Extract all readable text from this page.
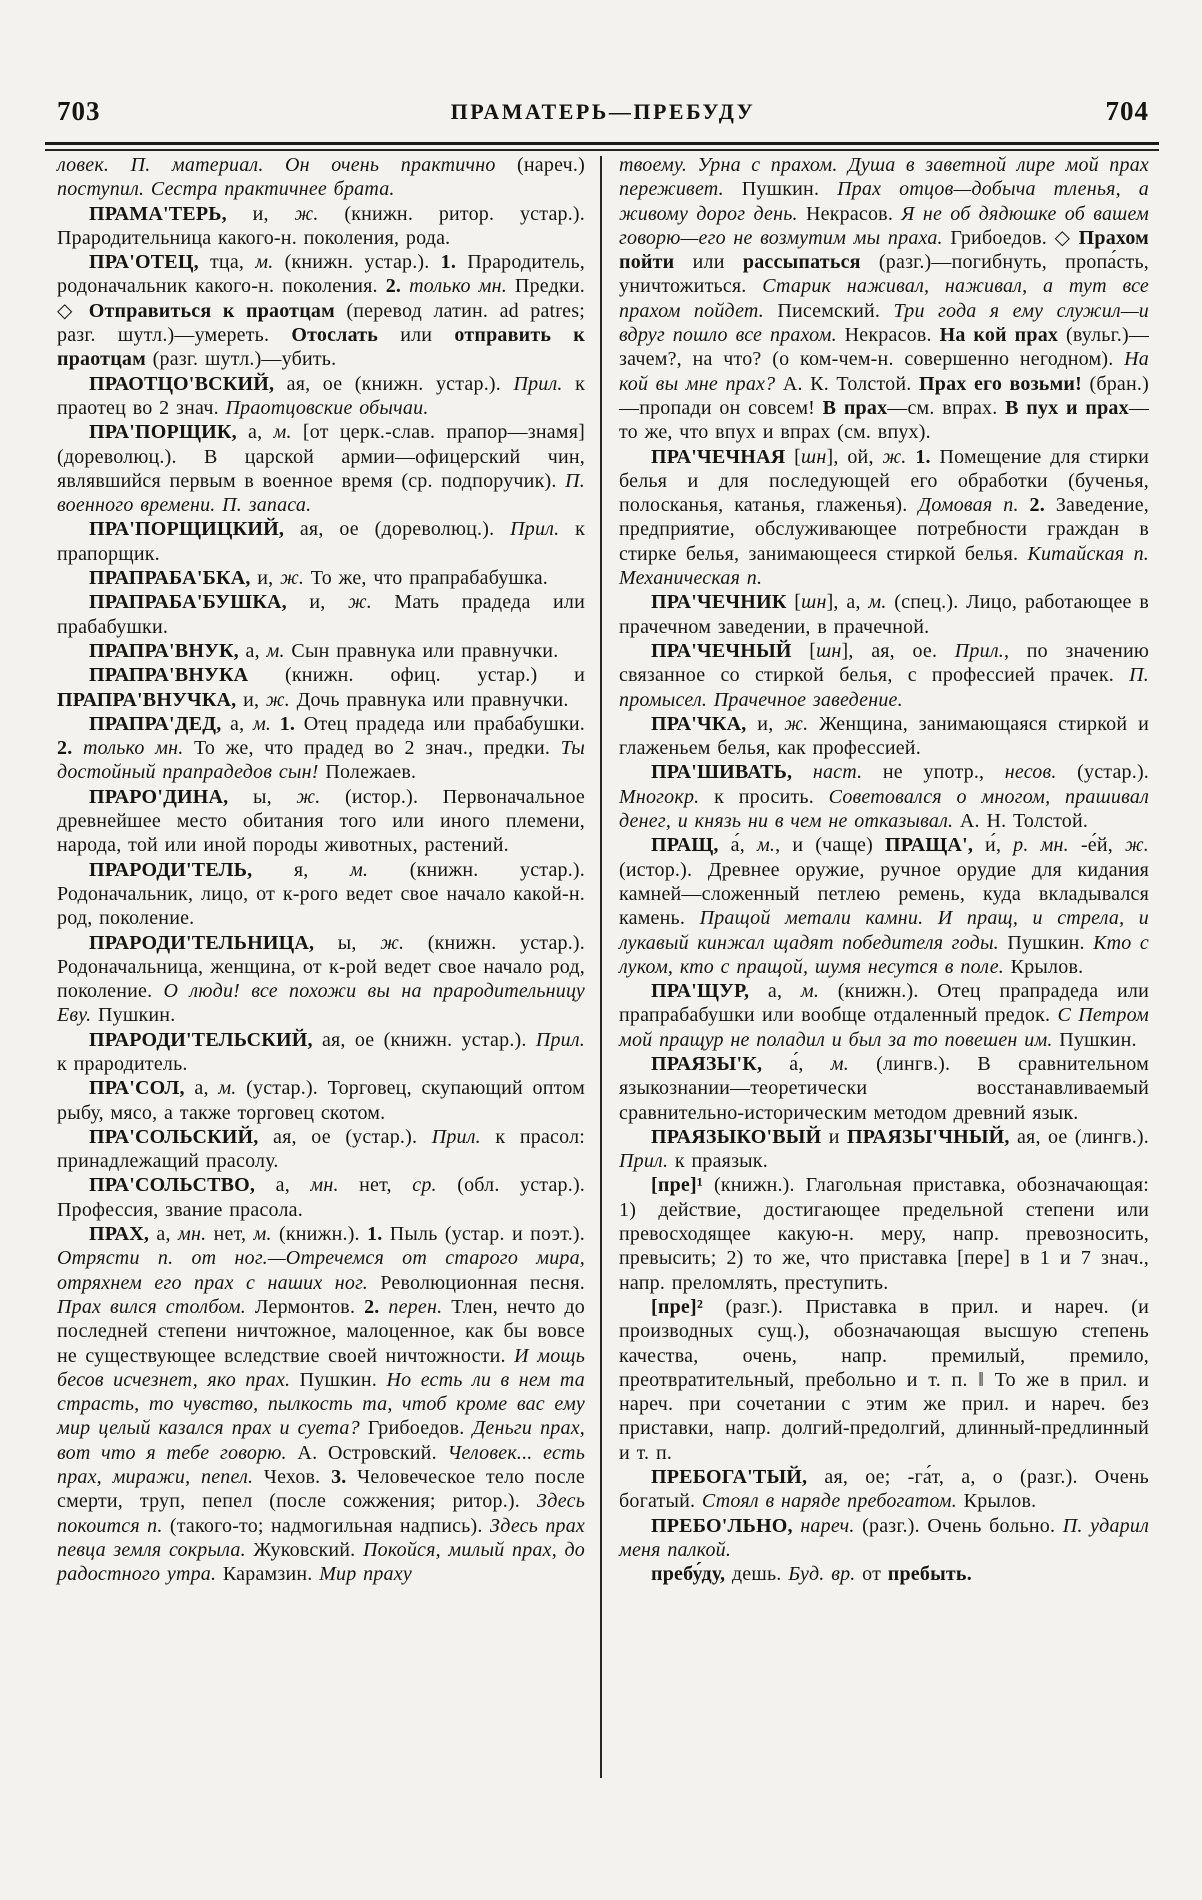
703	ПРАМАТЕРЬ—ПРЕБУДУ	704

ловек. П. материал. Он очень практично (нареч.) поступил. Сестра практичнее брата.

ПРАМА'ТЕРЬ, и, ж. (книжн. ритор. устар.). Прародительница какого-н. поколения, рода.

ПРА'ОТЕЦ, тца, м. (книжн. устар.). 1. Прародитель, родоначальник какого-н. поколения. 2. только мн. Предки. ◇ Отправиться к праотцам (перевод латин. ad patres; разг. шутл.)—умереть. Отослать или отправить к праотцам (разг. шутл.)—убить.

ПРАОТЦО'ВСКИЙ, ая, ое (книжн. устар.). Прил. к праотец во 2 знач. Праотцовские обычаи.

ПРА'ПОРЩИК, а, м. [от церк.-слав. прапор—знамя] (дореволюц.). В царской армии—офицерский чин, являвшийся первым в военное время (ср. подпоручик). П. военного времени. П. запаса.

ПРА'ПОРЩИЦКИЙ, ая, ое (дореволюц.). Прил. к прапорщик.

ПРАПРАБА'БКА, и, ж. То же, что прапрабабушка.

ПРАПРАБА'БУШКА, и, ж. Мать прадеда или прабабушки.

ПРАПРА'ВНУК, а, м. Сын правнука или правнучки.

ПРАПРА'ВНУКА (книжн. офиц. устар.) и ПРАПРА'ВНУЧКА, и, ж. Дочь правнука или правнучки.

ПРАПРА'ДЕД, а, м. 1. Отец прадеда или прабабушки. 2. только мн. То же, что прадед во 2 знач., предки. Ты достойный прапрадедов сын! Полежаев.

ПРАРО'ДИНА, ы, ж. (истор.). Первоначальное древнейшее место обитания того или иного племени, народа, той или иной породы животных, растений.

ПРАРОДИ'ТЕЛЬ, я, м. (книжн. устар.). Родоначальник, лицо, от к-рого ведет свое начало какой-н. род, поколение.

ПРАРОДИ'ТЕЛЬНИЦА, ы, ж. (книжн. устар.). Родоначальница, женщина, от к-рой ведет свое начало род, поколение. О люди! все похожи вы на прародительницу Еву. Пушкин.

ПРАРОДИ'ТЕЛЬСКИЙ, ая, ое (книжн. устар.). Прил. к прародитель.

ПРА'СОЛ, а, м. (устар.). Торговец, скупающий оптом рыбу, мясо, а также торговец скотом.

ПРА'СОЛЬСКИЙ, ая, ое (устар.). Прил. к прасол: принадлежащий прасолу.

ПРА'СОЛЬСТВО, а, мн. нет, ср. (обл. устар.). Профессия, звание прасола.

ПРАХ, а, мн. нет, м. (книжн.). 1. Пыль (устар. и поэт.). Отрясти п. от ног.—Отречемся от старого мира, отряхнем его прах с наших ног. Революционная песня. Прах вился столбом. Лермонтов. 2. перен. Тлен, нечто до последней степени ничтожное, малоценное, как бы вовсе не существующее вследствие своей ничтожности. И мощь бесов исчезнет, яко прах. Пушкин. Но есть ли в нем та страсть, то чувство, пылкость та, чтоб кроме вас ему мир целый казался прах и суета? Грибоедов. Деньги прах, вот что я тебе говорю. А. Островский. Человек... есть прах, миражи, пепел. Чехов. 3. Человеческое тело после смерти, труп, пепел (после сожжения; ритор.). Здесь покоится п. (такого-то; надмогильная надпись). Здесь прах певца земля сокрыла. Жуковский. Покойся, милый прах, до радостного утра. Карамзин. Мир праху

твоему. Урна с прахом. Душа в заветной лире мой прах переживет. Пушкин. Прах отцов—добыча тленья, а живому дорог день. Некрасов. Я не об дядюшке об вашем говорю—его не возмутим мы праха. Грибоедов. ◇ Прахом пойти или рассыпаться (разг.)—погибнуть, пропа́сть, уничтожиться. Старик наживал, наживал, а тут все прахом пойдет. Писемский. Три года я ему служил—и вдруг пошло все прахом. Некрасов. На кой прах (вульг.)—зачем?, на что? (о ком-чем-н. совершенно негодном). На кой вы мне прах? А. К. Толстой. Прах его возьми! (бран.)—пропади он совсем! В прах—см. впрах. В пух и прах—то же, что впух и впрах (см. впух).

ПРА'ЧЕЧНАЯ [шн], ой, ж. 1. Помещение для стирки белья и для последующей его обработки (бученья, полосканья, катанья, глаженья). Домовая п. 2. Заведение, предприятие, обслуживающее потребности граждан в стирке белья, занимающееся стиркой белья. Китайская п. Механическая п.

ПРА'ЧЕЧНИК [шн], а, м. (спец.). Лицо, работающее в прачечном заведении, в прачечной.

ПРА'ЧЕЧНЫЙ [шн], ая, ое. Прил., по значению связанное со стиркой белья, с профессией прачек. П. промысел. Прачечное заведение.

ПРА'ЧКА, и, ж. Женщина, занимающаяся стиркой и глаженьем белья, как профессией.

ПРА'ШИВАТЬ, наст. не употр., несов. (устар.). Многокр. к просить. Советовался о многом, прашивал денег, и князь ни в чем не отказывал. А. Н. Толстой.

ПРАЩ, а́, м., и (чаще) ПРАЩА', и́, р. мн. -е́й, ж. (истор.). Древнее оружие, ручное орудие для кидания камней—сложенный петлею ремень, куда вкладывался камень. Пращой метали камни. И пращ, и стрела, и лукавый кинжал щадят победителя годы. Пушкин. Кто с луком, кто с пращой, шумя несутся в поле. Крылов.

ПРА'ЩУР, а, м. (книжн.). Отец прапрадеда или прапрабабушки или вообще отдаленный предок. С Петром мой пращур не поладил и был за то повешен им. Пушкин.

ПРАЯЗЫ'К, а́, м. (лингв.). В сравнительном языкознании—теоретически восстанавливаемый сравнительно-историческим методом древний язык.

ПРАЯЗЫКО'ВЫЙ и ПРАЯЗЫ'ЧНЫЙ, ая, ое (лингв.). Прил. к праязык.

[пре]¹ (книжн.). Глагольная приставка, обозначающая: 1) действие, достигающее предельной степени или превосходящее какую-н. меру, напр. превозносить, превысить; 2) то же, что приставка [пере] в 1 и 7 знач., напр. преломлять, преступить.

[пре]² (разг.). Приставка в прил. и нареч. (и производных сущ.), обозначающая высшую степень качества, очень, напр. премилый, премило, преотвратительный, пребольно и т. п. ‖ То же в прил. и нареч. при сочетании с этим же прил. и нареч. без приставки, напр. долгий-предолгий, длинный-предлинный и т. п.

ПРЕБОГА'ТЫЙ, ая, ое; -га́т, а, о (разг.). Очень богатый. Стоял в наряде пребогатом. Крылов.

ПРЕБО'ЛЬНО, нареч. (разг.). Очень больно. П. ударил меня палкой.

пребу́ду, дешь. Буд. вр. от пребыть.
